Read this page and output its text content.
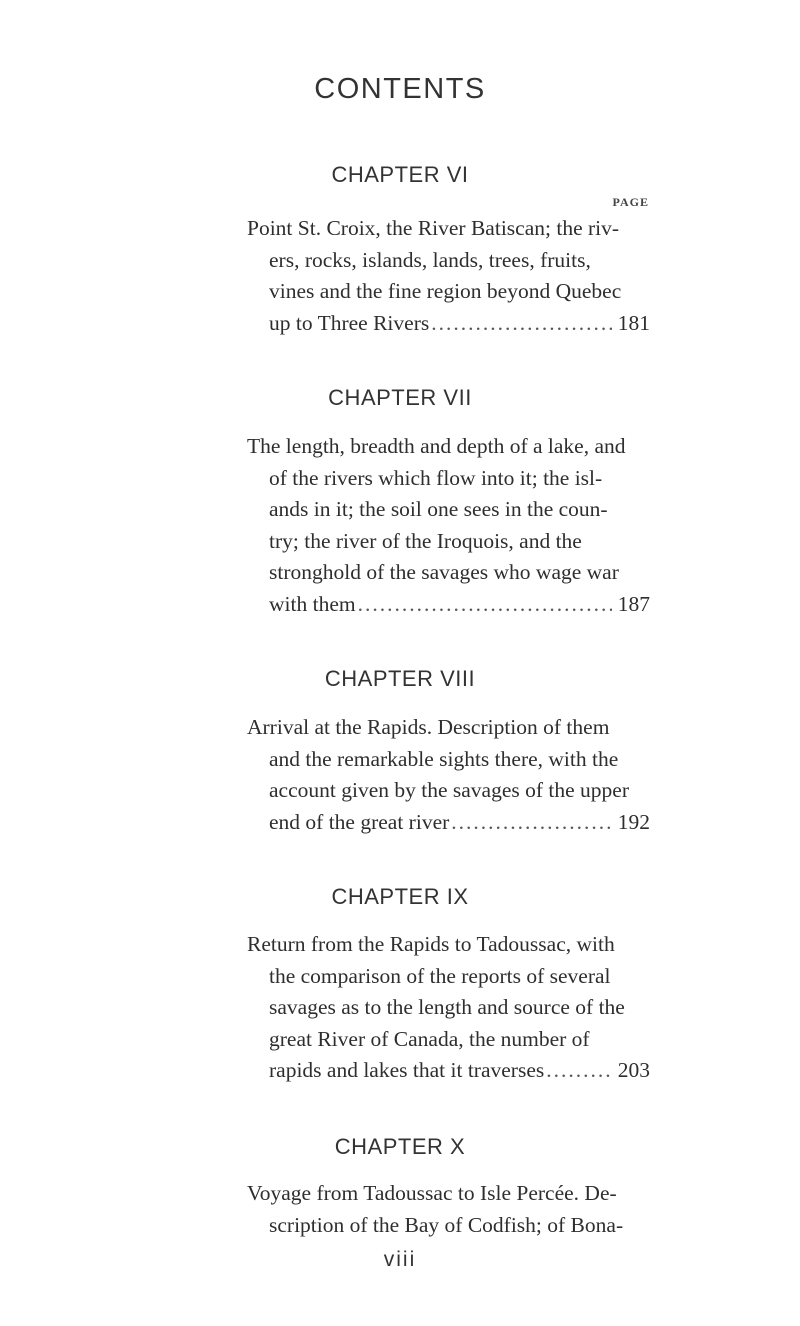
CONTENTS
CHAPTER VI
PAGE
Point St. Croix, the River Batiscan; the riv-
ers, rocks, islands, lands, trees, fruits,
vines and the fine region beyond Quebec
up to Three Rivers .....	181
CHAPTER VII
The length, breadth and depth of a lake, and
of the rivers which flow into it; the isl-
ands in it; the soil one sees in the coun-
try; the river of the Iroquois, and the
stronghold of the savages who wage war
with them .....	187
CHAPTER VIII
Arrival at the Rapids. Description of them
and the remarkable sights there, with the
account given by the savages of the upper
end of the great river .....	192
CHAPTER IX
Return from the Rapids to Tadoussac, with
the comparison of the reports of several
savages as to the length and source of the
great River of Canada, the number of
rapids and lakes that it traverses .....	203
CHAPTER X
Voyage from Tadoussac to Isle Percée. De-
scription of the Bay of Codfish; of Bona-
viii
